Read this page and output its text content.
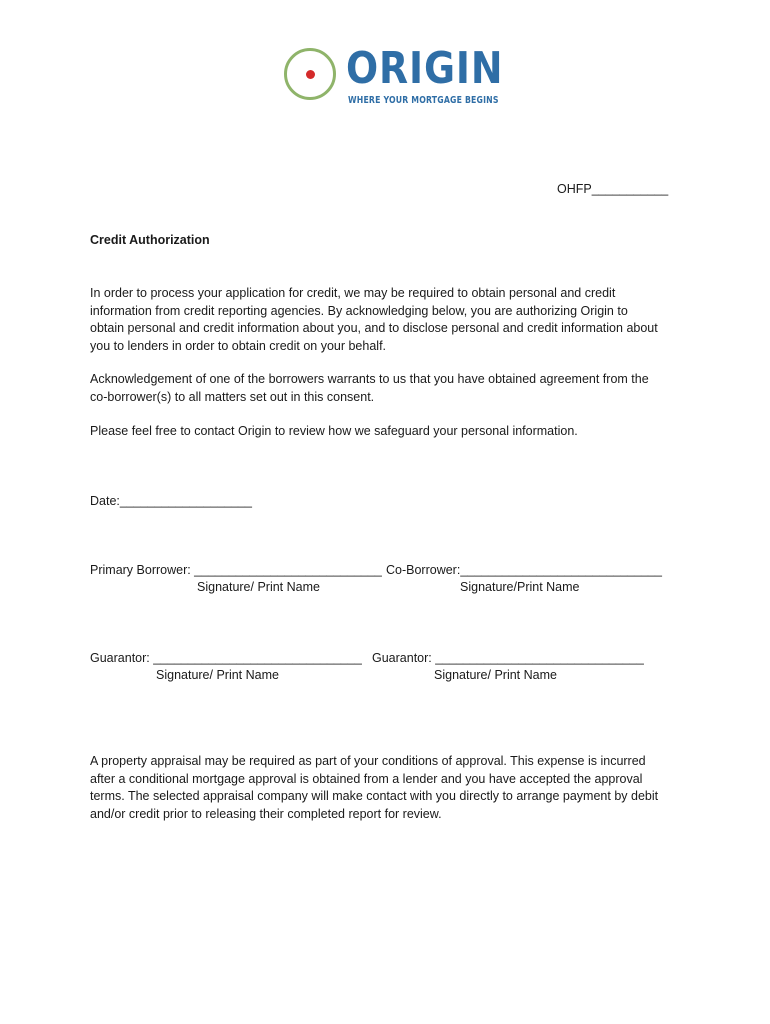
ORIGIN
WHERE YOUR MORTGAGE BEGINS
OHFP___________
Credit Authorization

In order to process your application for credit, we may be required to obtain personal and credit

information from credit reporting agencies. By acknowledging below, you are authorizing Origin to

obtain personal and credit information about you, and to disclose personal and credit information about

you to lenders in order to obtain credit on your behalf.

Acknowledgement of one of the borrowers warrants to us that you have obtained agreement from the

co-borrower(s) to all matters set out in this consent.

Please feel free to contact Origin to review how we safeguard your personal information.

Date:___________________
Primary Borrower: ___________________________
Signature/ Print Name
Co-Borrower:_____________________________
Signature/Print Name
Guarantor: ______________________________
Signature/ Print Name
Guarantor: ______________________________
Signature/ Print Name

A property appraisal may be required as part of your conditions of approval. This expense is incurred

after a conditional mortgage approval is obtained from a lender and you have accepted the approval

terms. The selected appraisal company will make contact with you directly to arrange payment by debit

and/or credit prior to releasing their completed report for review.
